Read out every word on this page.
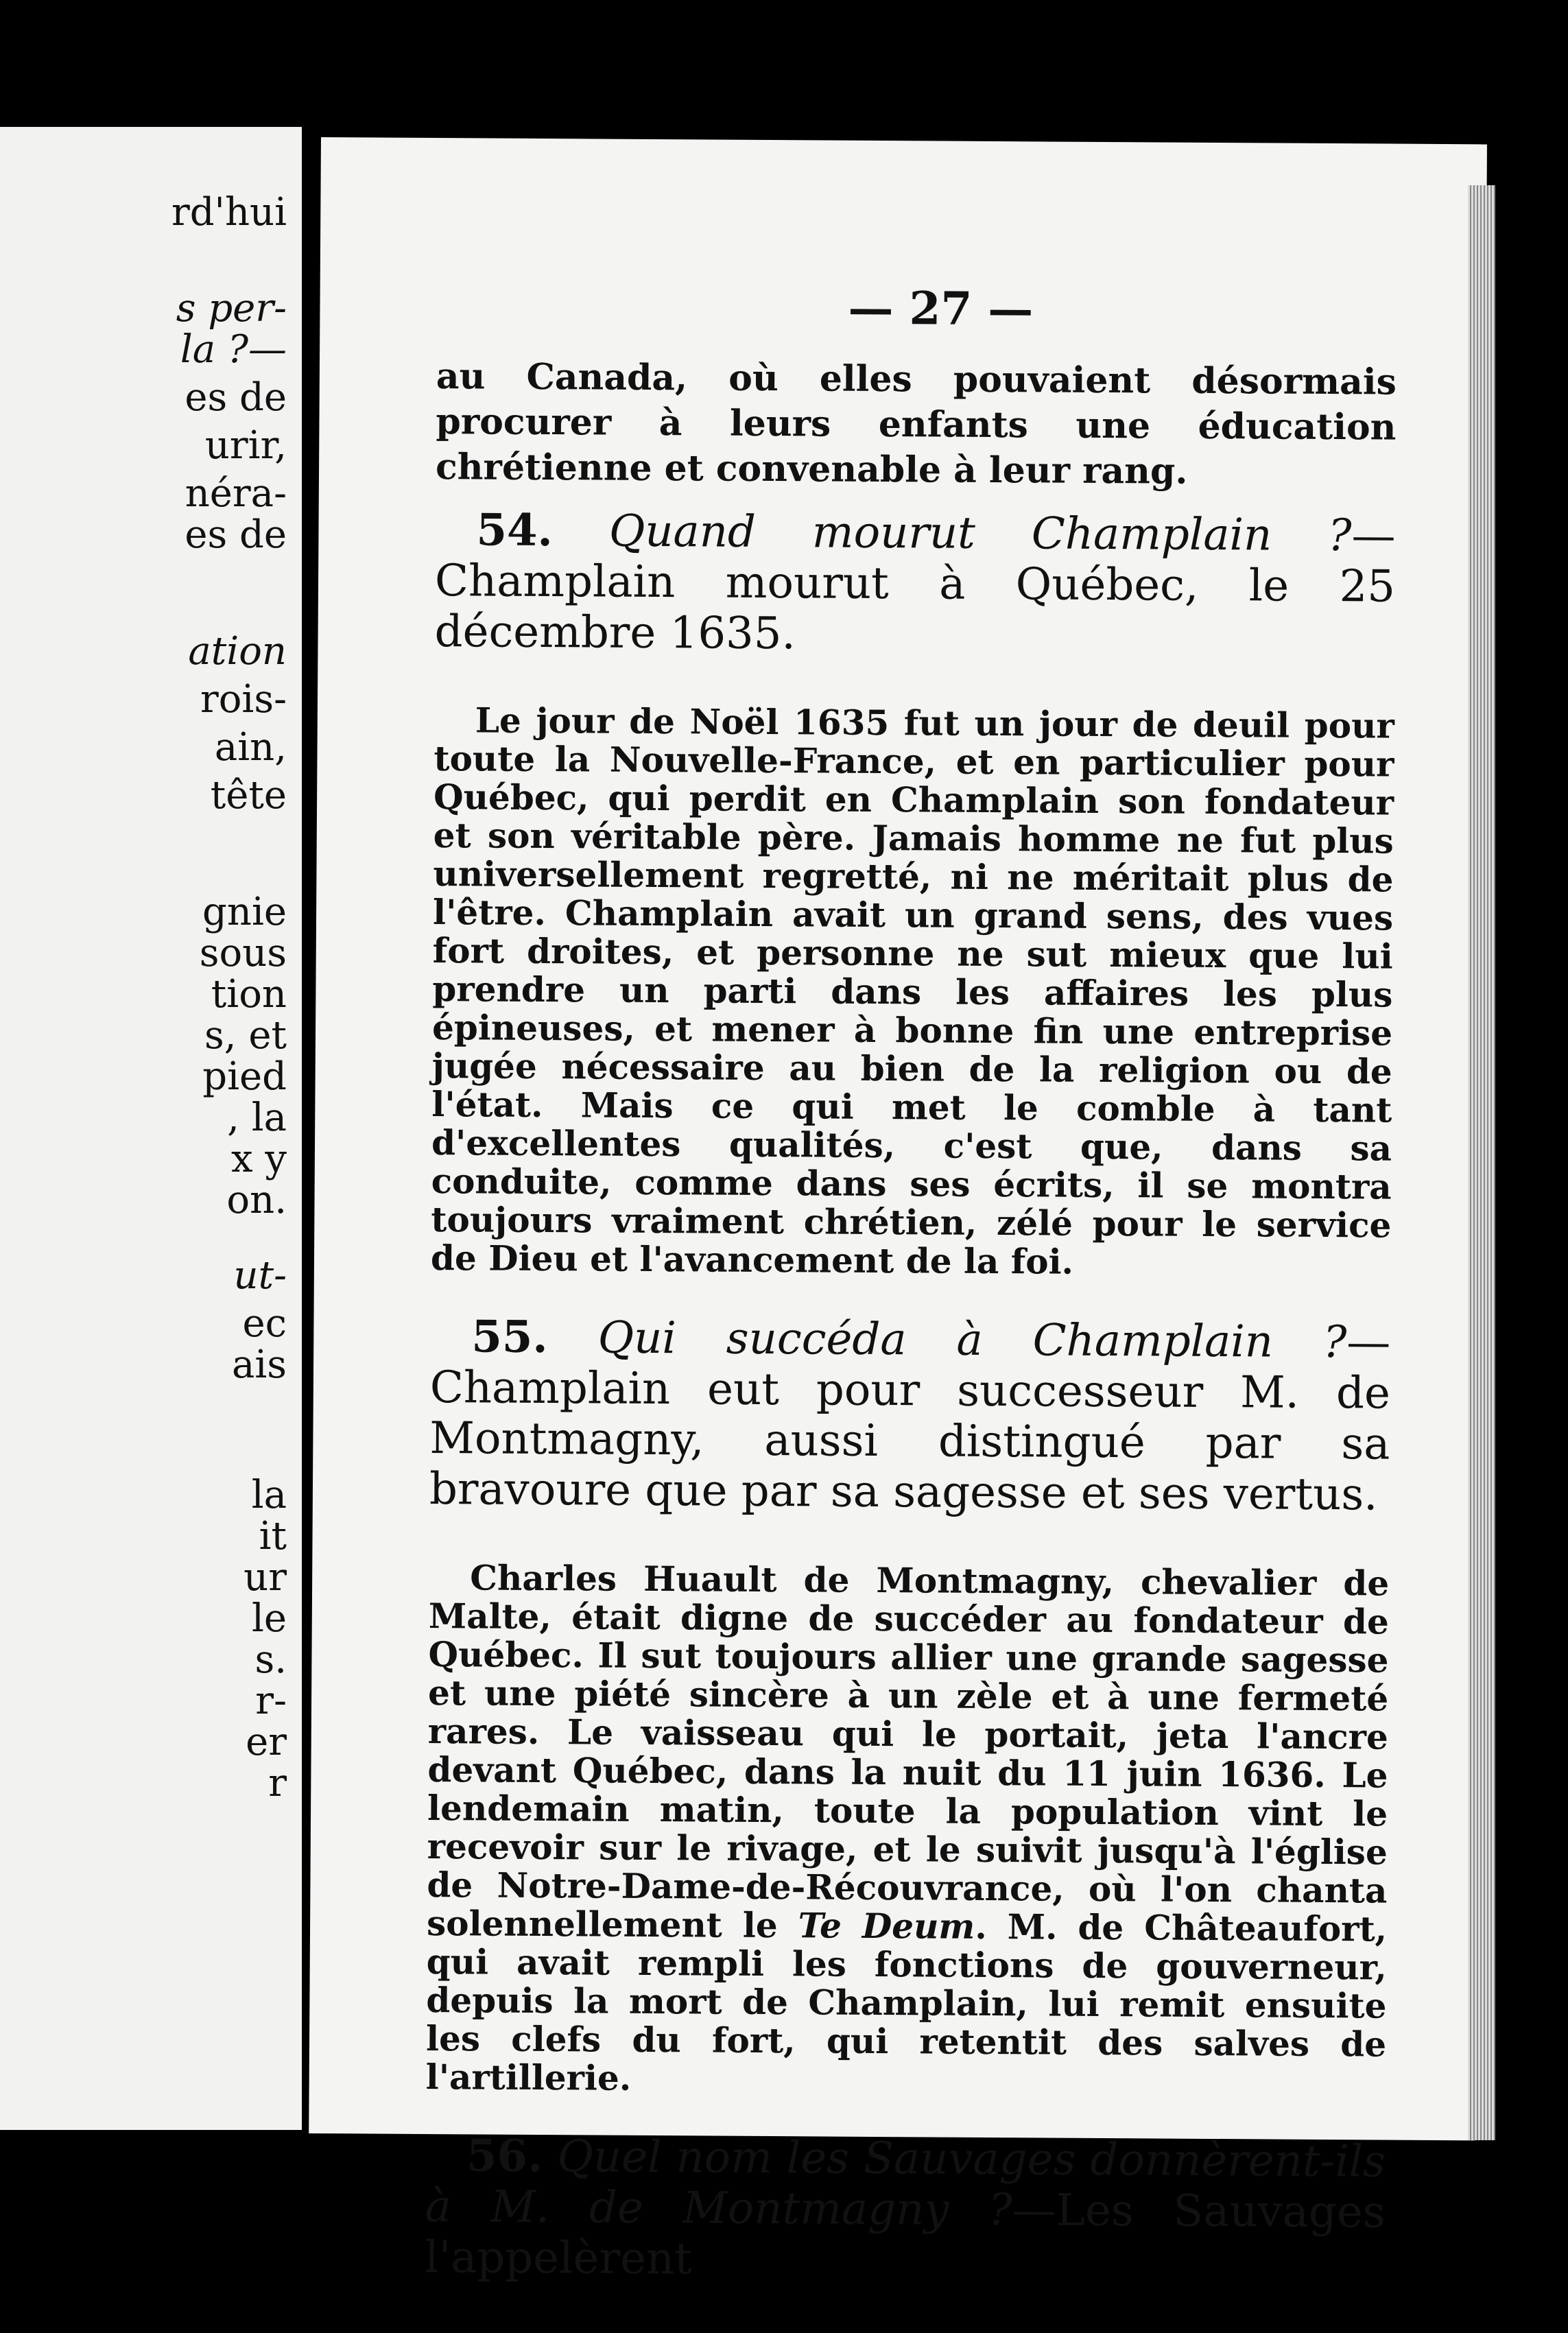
rd'hui
s per-
la ?—
es de
urir,
néra-
es de
ation
rois-
ain,
tête
gnie
sous
tion
s, et
pied
, la
x y
on.
ut-
ec
ais
la
it
ur
le
s.
r-
er
r
— 27 —

au Canada, où elles pouvaient désormais procurer à leurs enfants une éducation chrétienne et convenable à leur rang.

54. Quand mourut Champlain ?—Champlain mourut à Québec, le 25 décembre 1635.

Le jour de Noël 1635 fut un jour de deuil pour toute la Nouvelle-France, et en particulier pour Québec, qui perdit en Champlain son fondateur et son véritable père. Jamais homme ne fut plus universellement regretté, ni ne méritait plus de l'être. Champlain avait un grand sens, des vues fort droites, et personne ne sut mieux que lui prendre un parti dans les affaires les plus épineuses, et mener à bonne fin une entreprise jugée nécessaire au bien de la religion ou de l'état. Mais ce qui met le comble à tant d'excellentes qualités, c'est que, dans sa conduite, comme dans ses écrits, il se montra toujours vraiment chrétien, zélé pour le service de Dieu et l'avancement de la foi.

55. Qui succéda à Champlain ?—Champlain eut pour successeur M. de Montmagny, aussi distingué par sa bravoure que par sa sagesse et ses vertus.

Charles Huault de Montmagny, chevalier de Malte, était digne de succéder au fondateur de Québec. Il sut toujours allier une grande sagesse et une piété sincère à un zèle et à une fermeté rares. Le vaisseau qui le portait, jeta l'ancre devant Québec, dans la nuit du 11 juin 1636. Le lendemain matin, toute la population vint le recevoir sur le rivage, et le suivit jusqu'à l'église de Notre-Dame-de-Récouvrance, où l'on chanta solennellement le Te Deum. M. de Châteaufort, qui avait rempli les fonctions de gouverneur, depuis la mort de Champlain, lui remit ensuite les clefs du fort, qui retentit des salves de l'artillerie.

56. Quel nom les Sauvages donnèrent-ils à M. de Montmagny ?—Les Sauvages l'appelèrent
